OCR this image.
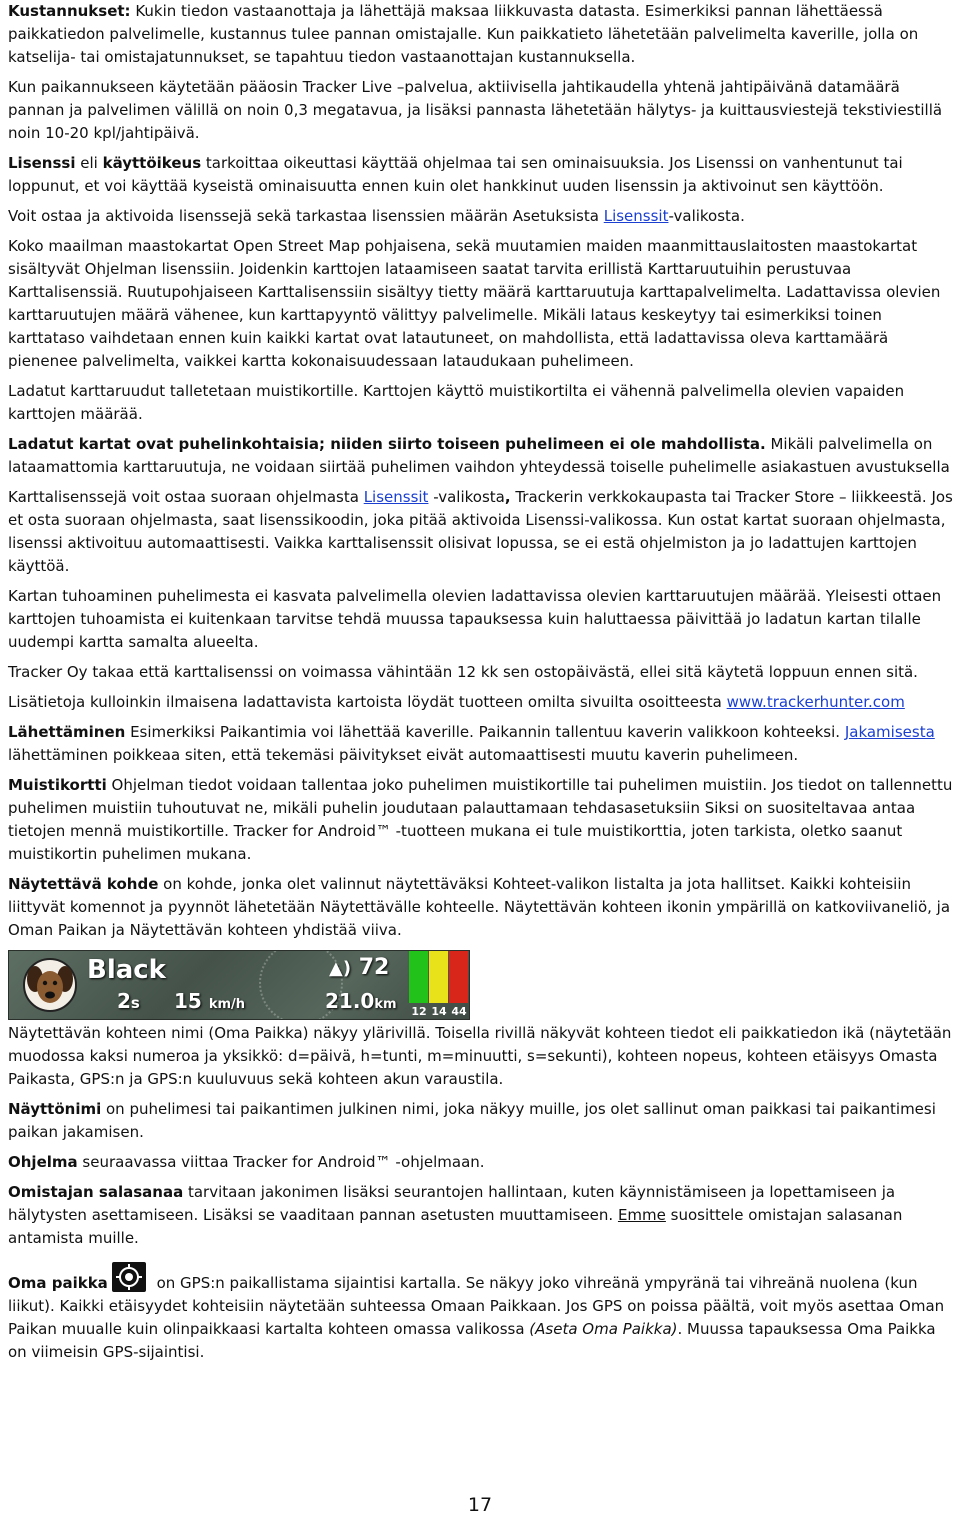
Kustannukset: Kukin tiedon vastaanottaja ja lähettäjä maksaa liikkuvasta datasta. Esimerkiksi pannan lähettäessä paikkatiedon palvelimelle, kustannus tulee pannan omistajalle. Kun paikkatieto lähetetään palvelimelta kaverille, jolla on katselija- tai omistajatunnukset, se tapahtuu tiedon vastaanottajan kustannuksella.

Kun paikannukseen käytetään pääosin Tracker Live –palvelua, aktiivisella jahtikaudella yhtenä jahtipäivänä datamäärä pannan ja palvelimen välillä on noin 0,3 megatavua, ja lisäksi pannasta lähetetään hälytys- ja kuittausviestejä tekstiviestillä noin 10-20 kpl/jahtipäivä.

Lisenssi eli käyttöikeus tarkoittaa oikeuttasi käyttää ohjelmaa tai sen ominaisuuksia. Jos Lisenssi on vanhentunut tai loppunut, et voi käyttää kyseistä ominaisuutta ennen kuin olet hankkinut uuden lisenssin ja aktivoinut sen käyttöön.

Voit ostaa ja aktivoida lisenssejä sekä tarkastaa lisenssien määrän Asetuksista Lisenssit-valikosta.

Koko maailman maastokartat Open Street Map pohjaisena, sekä muutamien maiden maanmittauslaitosten maastokartat sisältyvät Ohjelman lisenssiin. Joidenkin karttojen lataamiseen saatat tarvita erillistä Karttaruutuihin perustuvaa Karttalisenssiä. Ruutupohjaiseen Karttalisenssiin sisältyy tietty määrä karttaruutuja karttapalvelimelta. Ladattavissa olevien karttaruutujen määrä vähenee, kun karttapyyntö välittyy palvelimelle. Mikäli lataus keskeytyy tai esimerkiksi toinen karttataso vaihdetaan ennen kuin kaikki kartat ovat latautuneet, on mahdollista, että ladattavissa oleva karttamäärä pienenee palvelimelta, vaikkei kartta kokonaisuudessaan lataudukaan puhelimeen.

Ladatut karttaruudut talletetaan muistikortille. Karttojen käyttö muistikortilta ei vähennä palvelimella olevien vapaiden karttojen määrää.

Ladatut kartat ovat puhelinkohtaisia; niiden siirto toiseen puhelimeen ei ole mahdollista. Mikäli palvelimella on lataamattomia karttaruutuja, ne voidaan siirtää puhelimen vaihdon yhteydessä toiselle puhelimelle asiakastuen avustuksella

Karttalisenssejä voit ostaa suoraan ohjelmasta Lisenssit -valikosta, Trackerin verkkokaupasta tai Tracker Store – liikkeestä. Jos et osta suoraan ohjelmasta, saat lisenssikoodin, joka pitää aktivoida Lisenssi-valikossa. Kun ostat kartat suoraan ohjelmasta, lisenssi aktivoituu automaattisesti. Vaikka karttalisenssit olisivat lopussa, se ei estä ohjelmiston ja jo ladattujen karttojen käyttöä.

Kartan tuhoaminen puhelimesta ei kasvata palvelimella olevien ladattavissa olevien karttaruutujen määrää. Yleisesti ottaen karttojen tuhoamista ei kuitenkaan tarvitse tehdä muussa tapauksessa kuin haluttaessa päivittää jo ladatun kartan tilalle uudempi kartta samalta alueelta.

Tracker Oy takaa että karttalisenssi on voimassa vähintään 12 kk sen ostopäivästä, ellei sitä käytetä loppuun ennen sitä.

Lisätietoja kulloinkin ilmaisena ladattavista kartoista löydät tuotteen omilta sivuilta osoitteesta www.trackerhunter.com

Lähettäminen Esimerkiksi Paikantimia voi lähettää kaverille. Paikannin tallentuu kaverin valikkoon kohteeksi. Jakamisesta lähettäminen poikkeaa siten, että tekemäsi päivitykset eivät automaattisesti muutu kaverin puhelimeen.

Muistikortti Ohjelman tiedot voidaan tallentaa joko puhelimen muistikortille tai puhelimen muistiin. Jos tiedot on tallennettu puhelimen muistiin tuhoutuvat ne, mikäli puhelin joudutaan palauttamaan tehdasasetuksiin Siksi on suositeltavaa antaa tietojen mennä muistikortille. Tracker for Android™ -tuotteen mukana ei tule muistikorttia, joten tarkista, oletko saanut muistikortin puhelimen mukana.

Näytettävä kohde on kohde, jonka olet valinnut näytettäväksi Kohteet-valikon listalta ja jota hallitset. Kaikki kohteisiin liittyvät komennot ja pyynnöt lähetetään Näytettävälle kohteelle. Näytettävän kohteen ikonin ympärillä on katkoviivaneliö, ja Oman Paikan ja Näytettävän kohteen yhdistää viiva.

Black
2s 15 km/h
▲) 72
21.0km 12 14 44

Näytettävän kohteen nimi (Oma Paikka) näkyy ylärivillä. Toisella rivillä näkyvät kohteen tiedot eli paikkatiedon ikä (näytetään muodossa kaksi numeroa ja yksikkö: d=päivä, h=tunti, m=minuutti, s=sekunti), kohteen nopeus, kohteen etäisyys Omasta Paikasta, GPS:n ja GPS:n kuuluvuus sekä kohteen akun varaustila.

Näyttönimi on puhelimesi tai paikantimen julkinen nimi, joka näkyy muille, jos olet sallinut oman paikkasi tai paikantimesi paikan jakamisen.

Ohjelma seuraavassa viittaa Tracker for Android™ -ohjelmaan.

Omistajan salasanaa tarvitaan jakonimen lisäksi seurantojen hallintaan, kuten käynnistämiseen ja lopettamiseen ja hälytysten asettamiseen. Lisäksi se vaaditaan pannan asetusten muuttamiseen. Emme suosittele omistajan salasanan antamista muille.

Oma paikka	on GPS:n paikallistama sijaintisi kartalla. Se näkyy joko vihreänä ympyränä tai vihreänä nuolena (kun liikut). Kaikki etäisyydet kohteisiin näytetään suhteessa Omaan Paikkaan. Jos GPS on poissa päältä, voit myös asettaa Oman Paikan muualle kuin olinpaikkaasi kartalta kohteen omassa valikossa (Aseta Oma Paikka). Muussa tapauksessa Oma Paikka on viimeisin GPS-sijaintisi.

17
